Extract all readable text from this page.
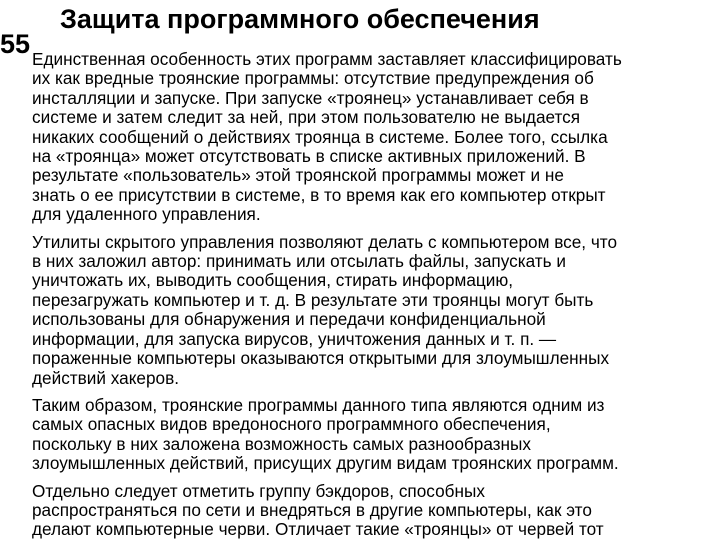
Защита программного обеспечения
55 Единственная особенность этих программ заставляет классифицировать
их как вредные троянские программы: отсутствие предупреждения об
инсталляции и запуске. При запуске «троянец» устанавливает себя в
системе и затем следит за ней, при этом пользователю не выдается
никаких сообщений о действиях троянца в системе. Более того, ссылка
на «троянца» может отсутствовать в списке активных приложений. В
результате «пользователь» этой троянской программы может и не
знать о ее присутствии в системе, в то время как его компьютер открыт
для удаленного управления.
Утилиты скрытого управления позволяют делать с компьютером все, что
в них заложил автор: принимать или отсылать файлы, запускать и
уничтожать их, выводить сообщения, стирать информацию,
перезагружать компьютер и т. д. В результате эти троянцы могут быть
использованы для обнаружения и передачи конфиденциальной
информации, для запуска вирусов, уничтожения данных и т. п. —
пораженные компьютеры оказываются открытыми для злоумышленных
действий хакеров.
Таким образом, троянские программы данного типа являются одним из
самых опасных видов вредоносного программного обеспечения,
поскольку в них заложена возможность самых разнообразных
злоумышленных действий, присущих другим видам троянских программ.
Отдельно следует отметить группу бэкдоров, способных
распространяться по сети и внедряться в другие компьютеры, как это
делают компьютерные черви. Отличает такие «троянцы» от червей тот
